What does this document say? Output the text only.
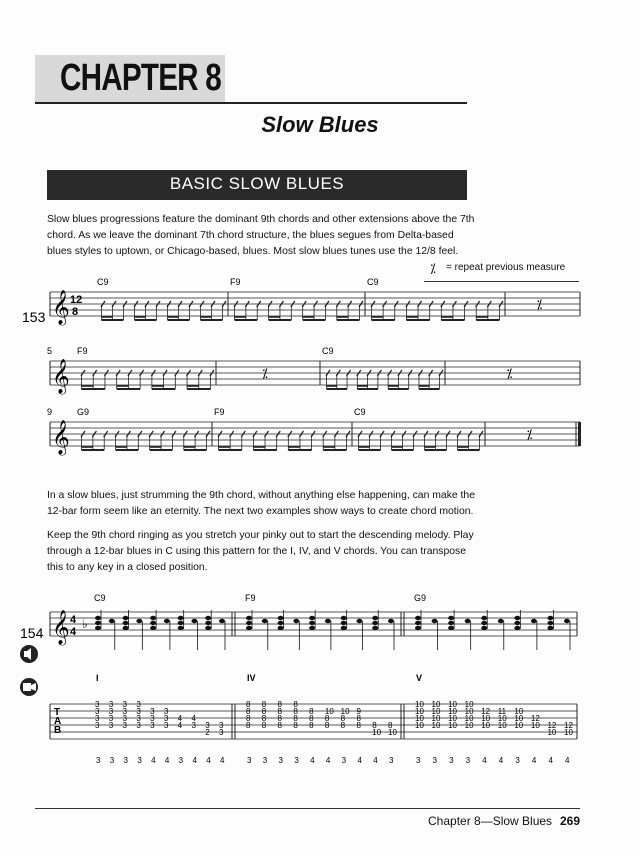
CHAPTER 8
Slow Blues
BASIC SLOW BLUES
Slow blues progressions feature the dominant 9th chords and other extensions above the 7th chord. As we leave the dominant 7th chord structure, the blues segues from Delta-based blues styles to uptown, or Chicago-based, blues. Most slow blues tunes use the 12/8 feel.
⁒ = repeat previous measure
153 𝄞 12
8
C9	F9	C9
⁒
𝄞
5	F9
⁒
C9
⁒
𝄞
9	G9	F9	C9
⁒
In a slow blues, just strumming the 9th chord, without anything else happening, can make the 12-bar form seem like an eternity. The next two examples show ways to create chord motion.
Keep the 9th chord ringing as you stretch your pinky out to start the descending melody. Play through a 12-bar blues in C using this pattern for the I, IV, and V chords. You can transpose this to any key in a closed position.
154 𝄞 4
4
♭
T
A
B
C9
I
F9
IV
G9
V
3
3
3
3
3
3
3
3
3
3
3
3
3
3
3
3
3
3
3
3
3
3
3
4
3
3
3
4
4
4
3
4
3
4
3
2
4
3
3
4
8
8
8
8
3
8
8
8
8
3
8
8
8
8
3
8
8
8
8
3
8
8
8
4
10
8
8
4
10
8
8
3
9
8
8
4
8
10
4
8
10
3
10
10
10
10
3
10
10
10
10
3
10
10
10
10
3
10
10
10
10
3
12
10
10
4
11
10
10
4
10
10
10
3
12
10
4
12
10
4
12
10
4
Chapter 8—Slow Blues 269
